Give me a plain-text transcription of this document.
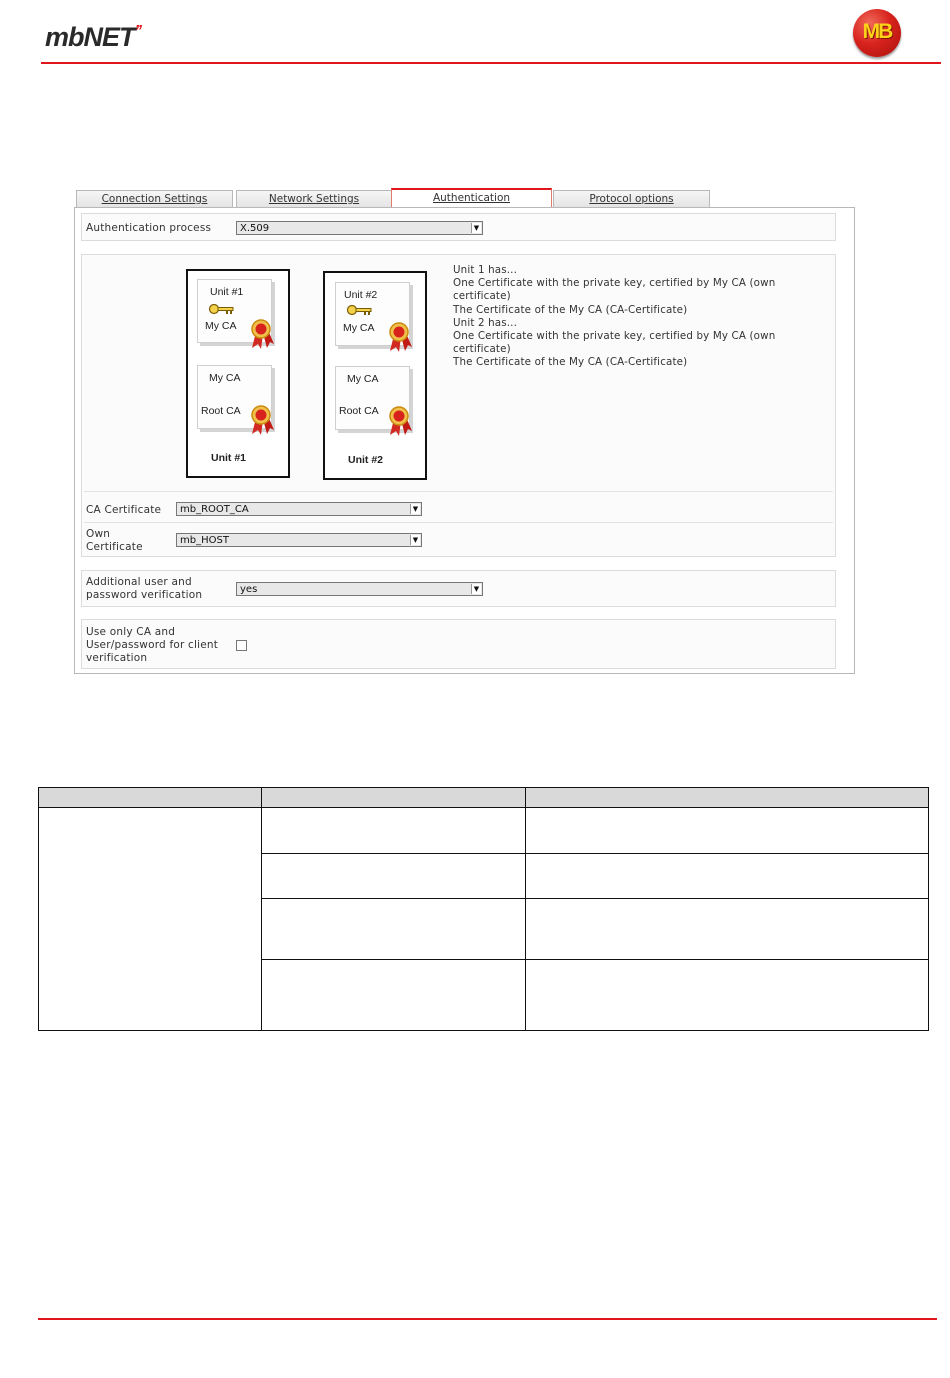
mbNET’’	MB
Connection Settings	Network Settings	Authentication	Protocol options
Authentication process	X.509	▼
Unit #1
My CA
My CA
Root CA
Unit #1
Unit #2
My CA
My CA
Root CA
Unit #2
CA Certificate	mb_ROOT_CA	▼
Own
Certificate
mb_HOST	▼
Unit 1 has...
One Certificate with the private key, certified by My CA (own
certificate)
The Certificate of the My CA (CA-Certificate)
Unit 2 has...
One Certificate with the private key, certified by My CA (own
certificate)
The Certificate of the My CA (CA-Certificate)
Additional user and
password verification	yes	▼
Use only CA and
User/password for client
verification
